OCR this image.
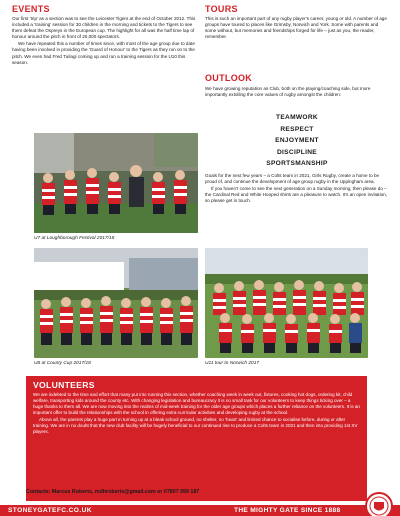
EVENTS

Our first ‘trip’ as a section was to see the Leicester Tigers at the end of October 2012. This included a ‘training’ session for 30 children in the morning and tickets to the Tigers to see them defeat the Ospreys in the European cup. The highlight for all was the half time lap of honour around the pitch in front of 20,000 spectators.

We have repeated this a number of times since, with most of the age group due to date having been involved in providing the ‘Guard of Honour’ to the Tigers as they run on to the pitch. We even had Fred Tuilagi coming up and run a training session for the U10 this season.

TOURS

This is such an important part of any rugby player’s career, young or old. A number of age groups have toured to places like Grimsby, Norwich and York. Some with parents and some without, but memories and friendships forged for life – just as you, the reader, remember.

OUTLOOK

We have growing reputation as Club, both on the playing/coaching side, but more importantly extolling the core values of rugby amongst the children:

TEAMWORK
RESPECT
ENJOYMENT
DISCIPLINE
SPORTSMANSHIP

Goals for the next few years – a Colts team in 2021, Girls Rugby, create a home to be proud of, and continue the development of age group rugby in the Uppingham area.

If you haven’t come to see the next generation on a Sunday morning, then please do – the Cardinal Red and White Hooped shirts are a pleasure to watch. It’s an open invitation, so please get in touch.

U7 at Loughborough Festival 2017/18
U8 at County Cup 2017/18	U11 tour to Norwich 2017
VOLUNTEERS

We are indebted to the time and effort that many put into running this section, whether coaching week in week out, fixtures, cooking hot dogs, ordering kit, child welfare, transporting kids around the county etc. With changing legislation and bureaucracy it is no small task for our volunteers to keep things ticking over – a huge thanks to them all. We are now moving into the realms of mid-week training for the older age groups which places a further reliance on the volunteers. It is an important offer to build the relationships with the school in offering extra-curricular activities and developing rugby at the school.

Above all, the parents play a huge part in turning up at a bleak school ground, no shelter, no ‘heart’ and limited chance to socialise before, during or after training. We are in no doubt that the new club facility will be hugely beneficial to our continued rise to produce a Colts team in 2021 and then into providing 1st XV players.

Contacts: Marcus Roberts, mdhroberts@gmail.com or 07807 999 187
STONEYGATEFC.CO.UK	THE MIGHTY GATE SINCE 1888
